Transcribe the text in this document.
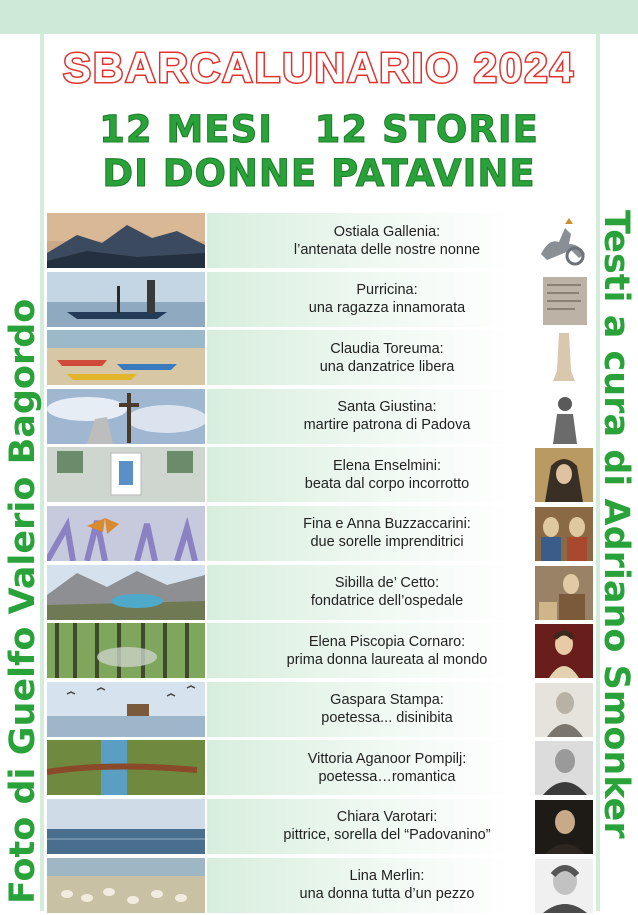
SBARCALUNARIO 2024
12 MESI   12 STORIE
DI DONNE PATAVINE
Foto di Guelfo Valerio Bagordo	Testi a cura di Adriano Smonker
Ostiala Gallenia:
l’antenata delle nostre nonne
Purricina:
una ragazza innamorata
Claudia Toreuma:
una danzatrice libera
Santa Giustina:
martire patrona di Padova
Elena Enselmini:
beata dal corpo incorrotto
Fina e Anna Buzzaccarini:
due sorelle imprenditrici
Sibilla de’ Cetto:
fondatrice dell’ospedale
Elena Piscopia Cornaro:
prima donna laureata al mondo
Gaspara Stampa:
poetessa... disinibita
Vittoria Aganoor Pompilj:
poetessa…romantica
Chiara Varotari:
pittrice, sorella del “Padovanino”
Lina Merlin:
una donna tutta d’un pezzo
